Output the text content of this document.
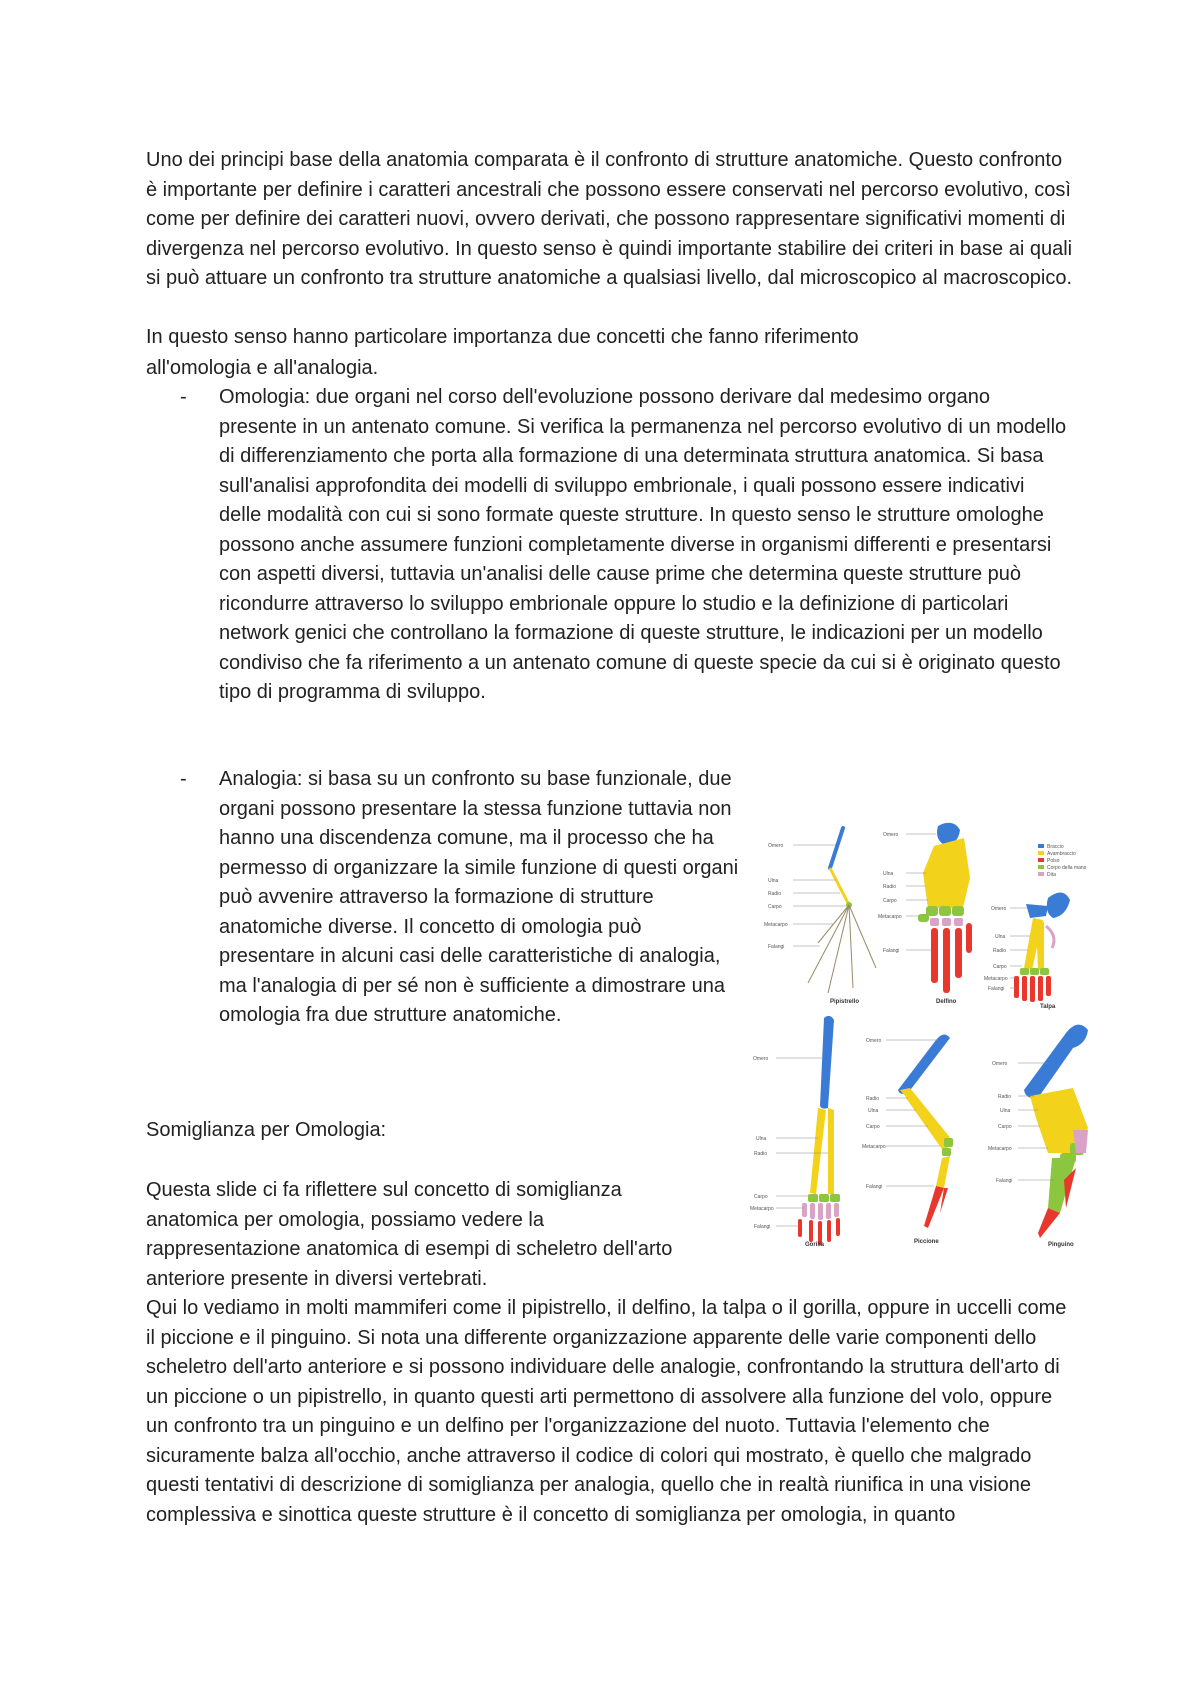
Uno dei principi base della anatomia comparata è il confronto di strutture anatomiche. Questo confronto è importante per definire i caratteri ancestrali che possono essere conservati nel percorso evolutivo, così come per definire dei caratteri nuovi, ovvero derivati, che possono rappresentare significativi momenti di divergenza nel percorso evolutivo. In questo senso è quindi importante stabilire dei criteri in base ai quali si può attuare un confronto tra strutture anatomiche a qualsiasi livello, dal microscopico al macroscopico.

In questo senso hanno particolare importanza due concetti che fanno riferimento

all'omologia e all'analogia.

- Omologia: due organi nel corso dell'evoluzione possono derivare dal medesimo organo presente in un antenato comune. Si verifica la permanenza nel percorso evolutivo di un modello di differenziamento che porta alla formazione di una determinata struttura anatomica. Si basa sull'analisi approfondita dei modelli di sviluppo embrionale, i quali possono essere indicativi delle modalità con cui si sono formate queste strutture. In questo senso le strutture omologhe possono anche assumere funzioni completamente diverse in organismi differenti e presentarsi con aspetti diversi, tuttavia un'analisi delle cause prime che determina queste strutture può ricondurre attraverso lo sviluppo embrionale oppure lo studio e la definizione di particolari network genici che controllano la formazione di queste strutture, le indicazioni per un modello condiviso che fa riferimento a un antenato comune di queste specie da cui si è originato questo tipo di programma di sviluppo.
- Analogia: si basa su un confronto su base funzionale, due organi possono presentare la stessa funzione tuttavia non hanno una discendenza comune, ma il processo che ha permesso di organizzare la simile funzione di questi organi può avvenire attraverso la formazione di strutture anatomiche diverse. Il concetto di omologia può presentare in alcuni casi delle caratteristiche di analogia, ma l'analogia di per sé non è sufficiente a dimostrare una omologia fra due strutture anatomiche.

Somiglianza per Omologia:

Questa slide ci fa riflettere sul concetto di somiglianza anatomica per omologia, possiamo vedere la rappresentazione anatomica di esempi di scheletro dell'arto anteriore presente in diversi vertebrati.

Qui lo vediamo in molti mammiferi come il pipistrello, il delfino, la talpa o il gorilla, oppure in uccelli come il piccione e il pinguino. Si nota una differente organizzazione apparente delle varie componenti dello scheletro dell'arto anteriore e si possono individuare delle analogie, confrontando la struttura dell'arto di un piccione o un pipistrello, in quanto questi arti permettono di assolvere alla funzione del volo, oppure un confronto tra un pinguino e un delfino per l'organizzazione del nuoto. Tuttavia l'elemento che sicuramente balza all'occhio, anche attraverso il codice di colori qui mostrato, è quello che malgrado questi tentativi di descrizione di somiglianza per analogia, quello che in realtà riunifica in una visione complessiva e sinottica queste strutture è il concetto di somiglianza per omologia, in quanto

Omero
Ulna
Radio
Carpo
Metacarpo
Falangi
Pipistrello
Omero
Ulna
Radio
Carpo
Metacarpo
Falangi
Delfino
Braccio
Avambraccio
Polso
Corpo della mano
Dita
Omero
Ulna
Radio
Carpo
Metacarpo
Falangi
Talpa
Omero
Ulna
Radio
Carpo
Metacarpo
Falangi
Gorilla
Omero
Radio
Ulna
Carpo
Metacarpo
Falangi
Piccione
Omero
Radio
Ulna
Carpo
Metacarpo
Falangi
Pinguino
